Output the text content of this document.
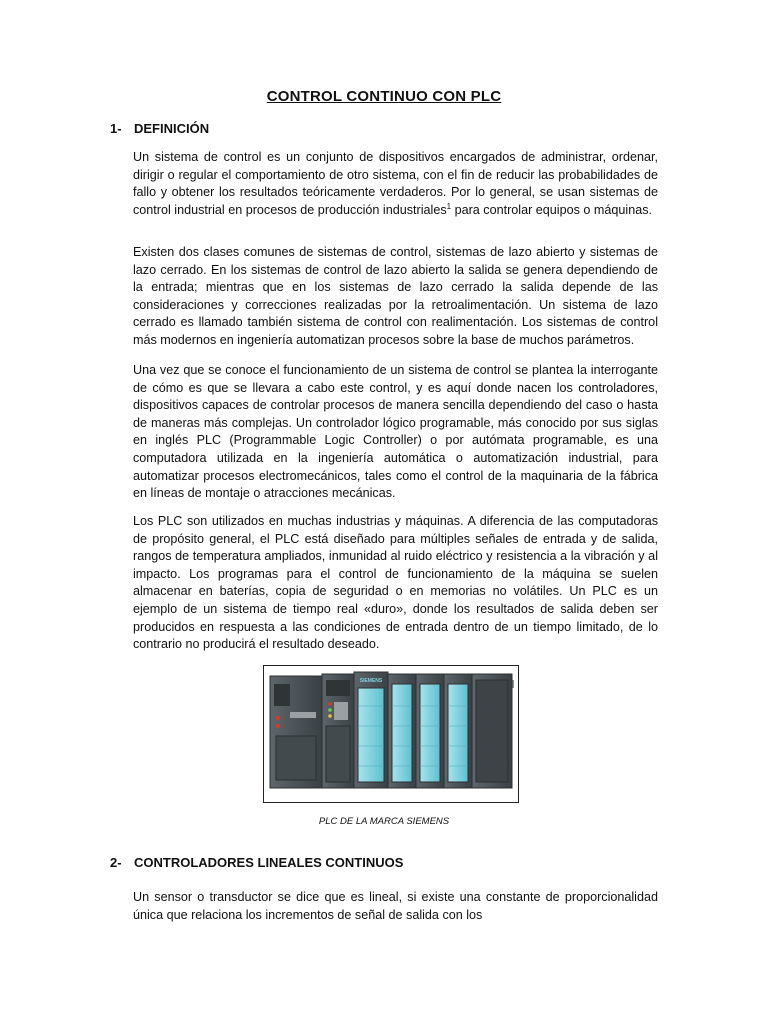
CONTROL CONTINUO CON PLC
1- DEFINICIÓN

Un sistema de control es un conjunto de dispositivos encargados de administrar, ordenar, dirigir o regular el comportamiento de otro sistema, con el fin de reducir las probabilidades de fallo y obtener los resultados teóricamente verdaderos. Por lo general, se usan sistemas de control industrial en procesos de producción industriales$^1$ para controlar equipos o máquinas.

Existen dos clases comunes de sistemas de control, sistemas de lazo abierto y sistemas de lazo cerrado. En los sistemas de control de lazo abierto la salida se genera dependiendo de la entrada; mientras que en los sistemas de lazo cerrado la salida depende de las consideraciones y correcciones realizadas por la retroalimentación. Un sistema de lazo cerrado es llamado también sistema de control con realimentación. Los sistemas de control más modernos en ingeniería automatizan procesos sobre la base de muchos parámetros.

Una vez que se conoce el funcionamiento de un sistema de control se plantea la interrogante de cómo es que se llevara a cabo este control, y es aquí donde nacen los controladores, dispositivos capaces de controlar procesos de manera sencilla dependiendo del caso o hasta de maneras más complejas. Un controlador lógico programable, más conocido por sus siglas en inglés PLC (Programmable Logic Controller) o por autómata programable, es una computadora utilizada en la ingeniería automática o automatización industrial, para automatizar procesos electromecánicos, tales como el control de la maquinaria de la fábrica en líneas de montaje o atracciones mecánicas.

Los PLC son utilizados en muchas industrias y máquinas. A diferencia de las computadoras de propósito general, el PLC está diseñado para múltiples señales de entrada y de salida, rangos de temperatura ampliados, inmunidad al ruido eléctrico y resistencia a la vibración y al impacto. Los programas para el control de funcionamiento de la máquina se suelen almacenar en baterías, copia de seguridad o en memorias no volátiles. Un PLC es un ejemplo de un sistema de tiempo real «duro», donde los resultados de salida deben ser producidos en respuesta a las condiciones de entrada dentro de un tiempo limitado, de lo contrario no producirá el resultado deseado.

SIEMENS
PLC DE LA MARCA SIEMENS
2- CONTROLADORES LINEALES CONTINUOS

Un sensor o transductor se dice que es lineal, si existe una constante de proporcionalidad única que relaciona los incrementos de señal de salida con los
